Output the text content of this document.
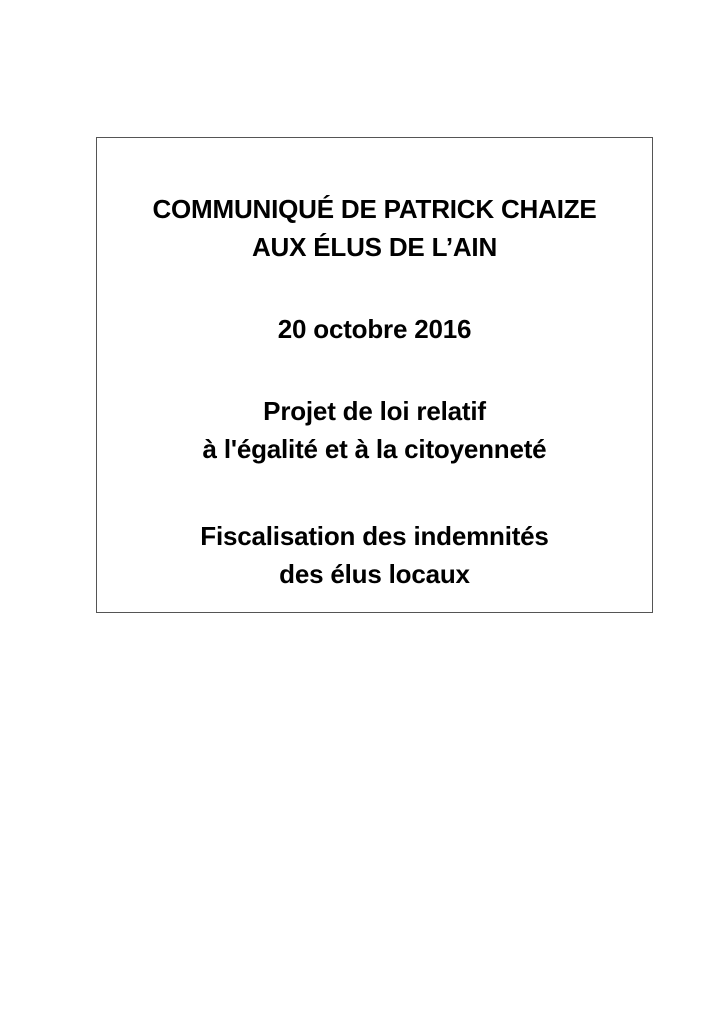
COMMUNIQUÉ DE PATRICK CHAIZE
AUX ÉLUS DE L’AIN
20 octobre 2016
Projet de loi relatif
à l'égalité et à la citoyenneté
Fiscalisation des indemnités
des élus locaux
